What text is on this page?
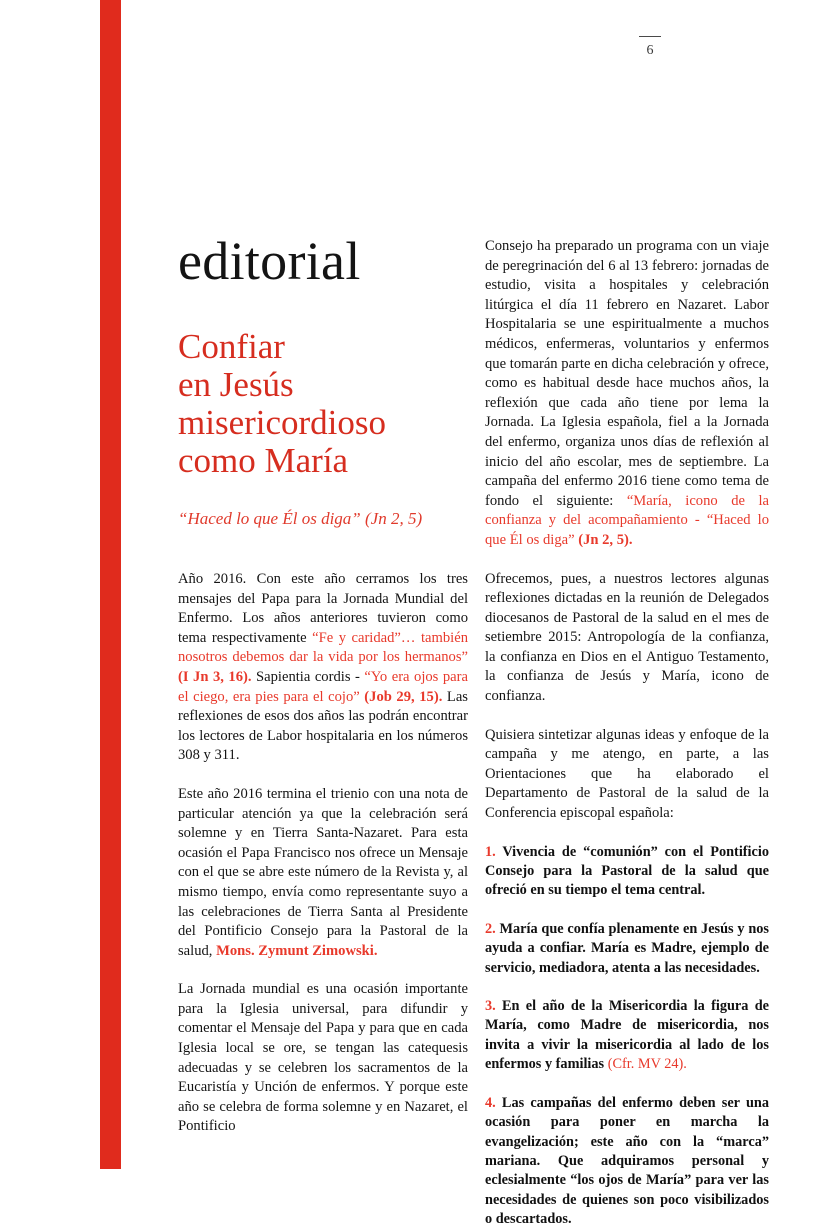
6
editorial
Confiar
en Jesús
misericordioso
como María
“Haced lo que Él os diga” (Jn 2, 5)

Año 2016. Con este año cerramos los tres mensajes del Papa para la Jornada Mundial del Enfermo. Los años anteriores tuvieron como tema respectivamente “Fe y caridad”… también nosotros debemos dar la vida por los hermanos” (I Jn 3, 16). Sapientia cordis - “Yo era ojos para el ciego, era pies para el cojo” (Job 29, 15). Las reflexiones de esos dos años las podrán encontrar los lectores de Labor hospitalaria en los números 308 y 311.

Este año 2016 termina el trienio con una nota de particular atención ya que la celebración será solemne y en Tierra Santa-Nazaret. Para esta ocasión el Papa Francisco nos ofrece un Mensaje con el que se abre este número de la Revista y, al mismo tiempo, envía como representante suyo a las celebraciones de Tierra Santa al Presidente del Pontificio Consejo para la Pastoral de la salud, Mons. Zymunt Zimowski.

La Jornada mundial es una ocasión importante para la Iglesia universal, para difundir y comentar el Mensaje del Papa y para que en cada Iglesia local se ore, se tengan las catequesis adecuadas y se celebren los sacramentos de la Eucaristía y Unción de enfermos. Y porque este año se celebra de forma solemne y en Nazaret, el Pontificio

Consejo ha preparado un programa con un viaje de peregrinación del 6 al 13 febrero: jornadas de estudio, visita a hospitales y celebración litúrgica el día 11 febrero en Nazaret. Labor Hospitalaria se une espiritualmente a muchos médicos, enfermeras, voluntarios y enfermos que tomarán parte en dicha celebración y ofrece, como es habitual desde hace muchos años, la reflexión que cada año tiene por lema la Jornada. La Iglesia española, fiel a la Jornada del enfermo, organiza unos días de reflexión al inicio del año escolar, mes de septiembre. La campaña del enfermo 2016 tiene como tema de fondo el siguiente: “María, icono de la confianza y del acompañamiento - “Haced lo que Él os diga” (Jn 2, 5).

Ofrecemos, pues, a nuestros lectores algunas reflexiones dictadas en la reunión de Delegados diocesanos de Pastoral de la salud en el mes de setiembre 2015: Antropología de la confianza, la confianza en Dios en el Antiguo Testamento, la confianza de Jesús y María, icono de confianza.

Quisiera sintetizar algunas ideas y enfoque de la campaña y me atengo, en parte, a las Orientaciones que ha elaborado el Departamento de Pastoral de la salud de la Conferencia episcopal española:

1. Vivencia de “comunión” con el Pontificio Consejo para la Pastoral de la salud que ofreció en su tiempo el tema central.

2. María que confía plenamente en Jesús y nos ayuda a confiar. María es Madre, ejemplo de servicio, mediadora, atenta a las necesidades.

3. En el año de la Misericordia la figura de María, como Madre de misericordia, nos invita a vivir la misericordia al lado de los enfermos y familias (Cfr. MV 24).

4. Las campañas del enfermo deben ser una ocasión para poner en marcha la evangelización; este año con la “marca” mariana. Que adquiramos personal y eclesialmente “los ojos de María” para ver las necesidades de quienes son poco visibilizados o descartados.
